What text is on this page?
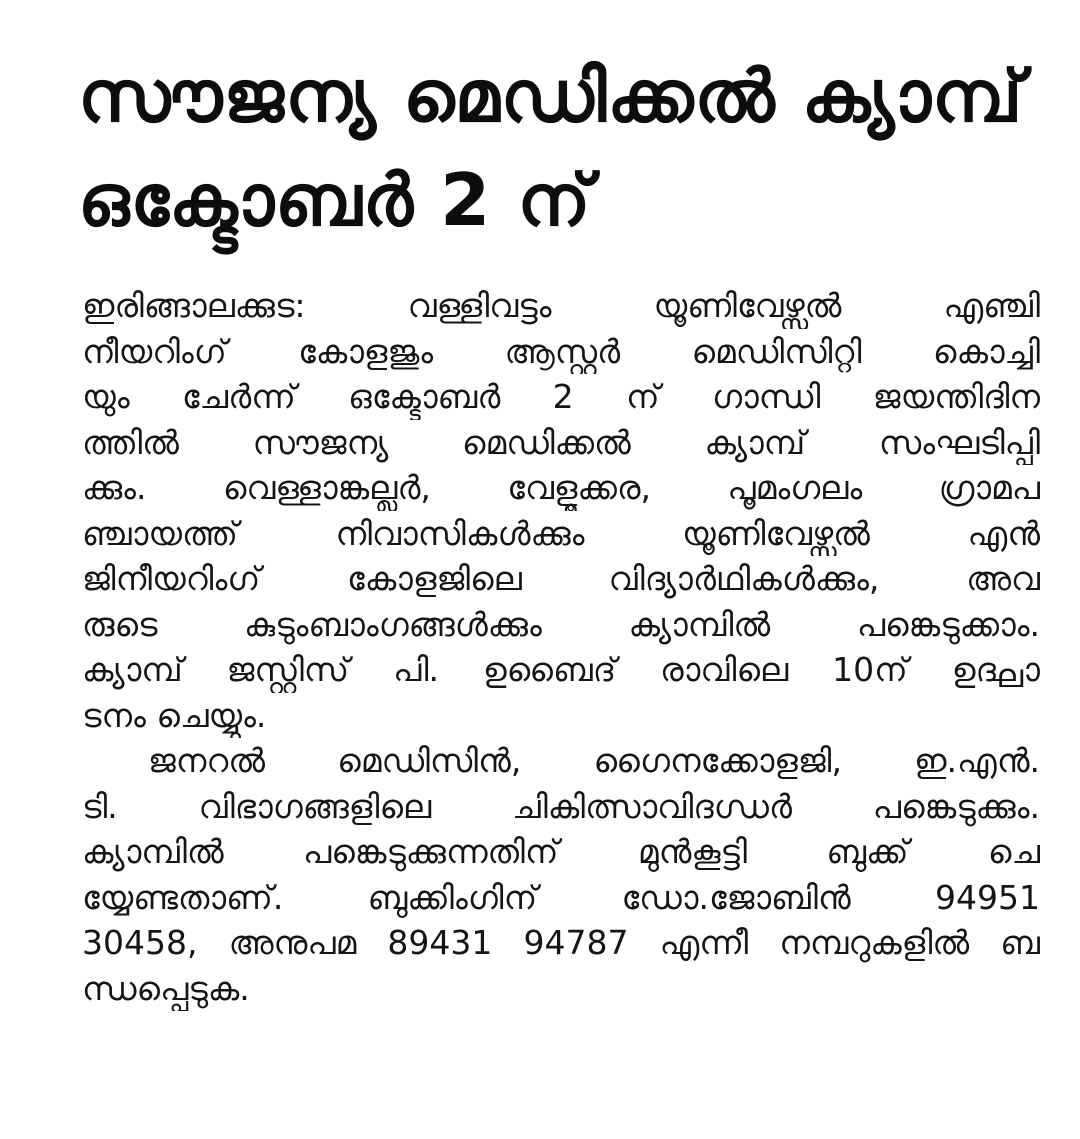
സൗജന്യ മെഡിക്കൽ ക്യാമ്പ്
ഒക്ടോബർ 2 ന്
ഇരിങ്ങാലക്കുട: വള്ളിവട്ടം യൂണിവേഴ്സൽ എഞ്ചി
നീയറിംഗ് കോളജും ആസ്റ്റർ മെഡിസിറ്റി കൊച്ചി
യും ചേർന്ന് ഒക്ടോബർ 2 ന് ഗാന്ധി ജയന്തിദിന
ത്തിൽ സൗജന്യ മെഡിക്കൽ ക്യാമ്പ് സംഘടിപ്പി
ക്കും. വെള്ളാങ്കല്ലൂർ, വേളൂക്കര, പൂമംഗലം ഗ്രാമപ
ഞ്ചായത്ത് നിവാസികൾക്കും യൂണിവേഴ്സൽ എൻ
ജിനീയറിംഗ് കോളജിലെ വിദ്യാർഥികൾക്കും, അവ
രുടെ കുടുംബാംഗങ്ങൾക്കും ക്യാമ്പിൽ പങ്കെടുക്കാം.
ക്യാമ്പ് ജസ്റ്റിസ് പി. ഉബൈദ് രാവിലെ 10ന് ഉദ്ഘാ
ടനം ചെയ്യും.
ജനറൽ മെഡിസിൻ, ഗൈനക്കോളജി, ഇ.എൻ.
ടി. വിഭാഗങ്ങളിലെ ചികിത്സാവിദഗ്ധർ പങ്കെടുക്കും.
ക്യാമ്പിൽ പങ്കെടുക്കുന്നതിന് മുൻകൂട്ടി ബുക്ക് ചെ
യ്യേണ്ടതാണ്. ബുക്കിംഗിന് ഡോ.ജോബിൻ 94951
30458, അനുപമ 89431 94787 എന്നീ നമ്പറുകളിൽ ബ
ന്ധപ്പെടുക.
